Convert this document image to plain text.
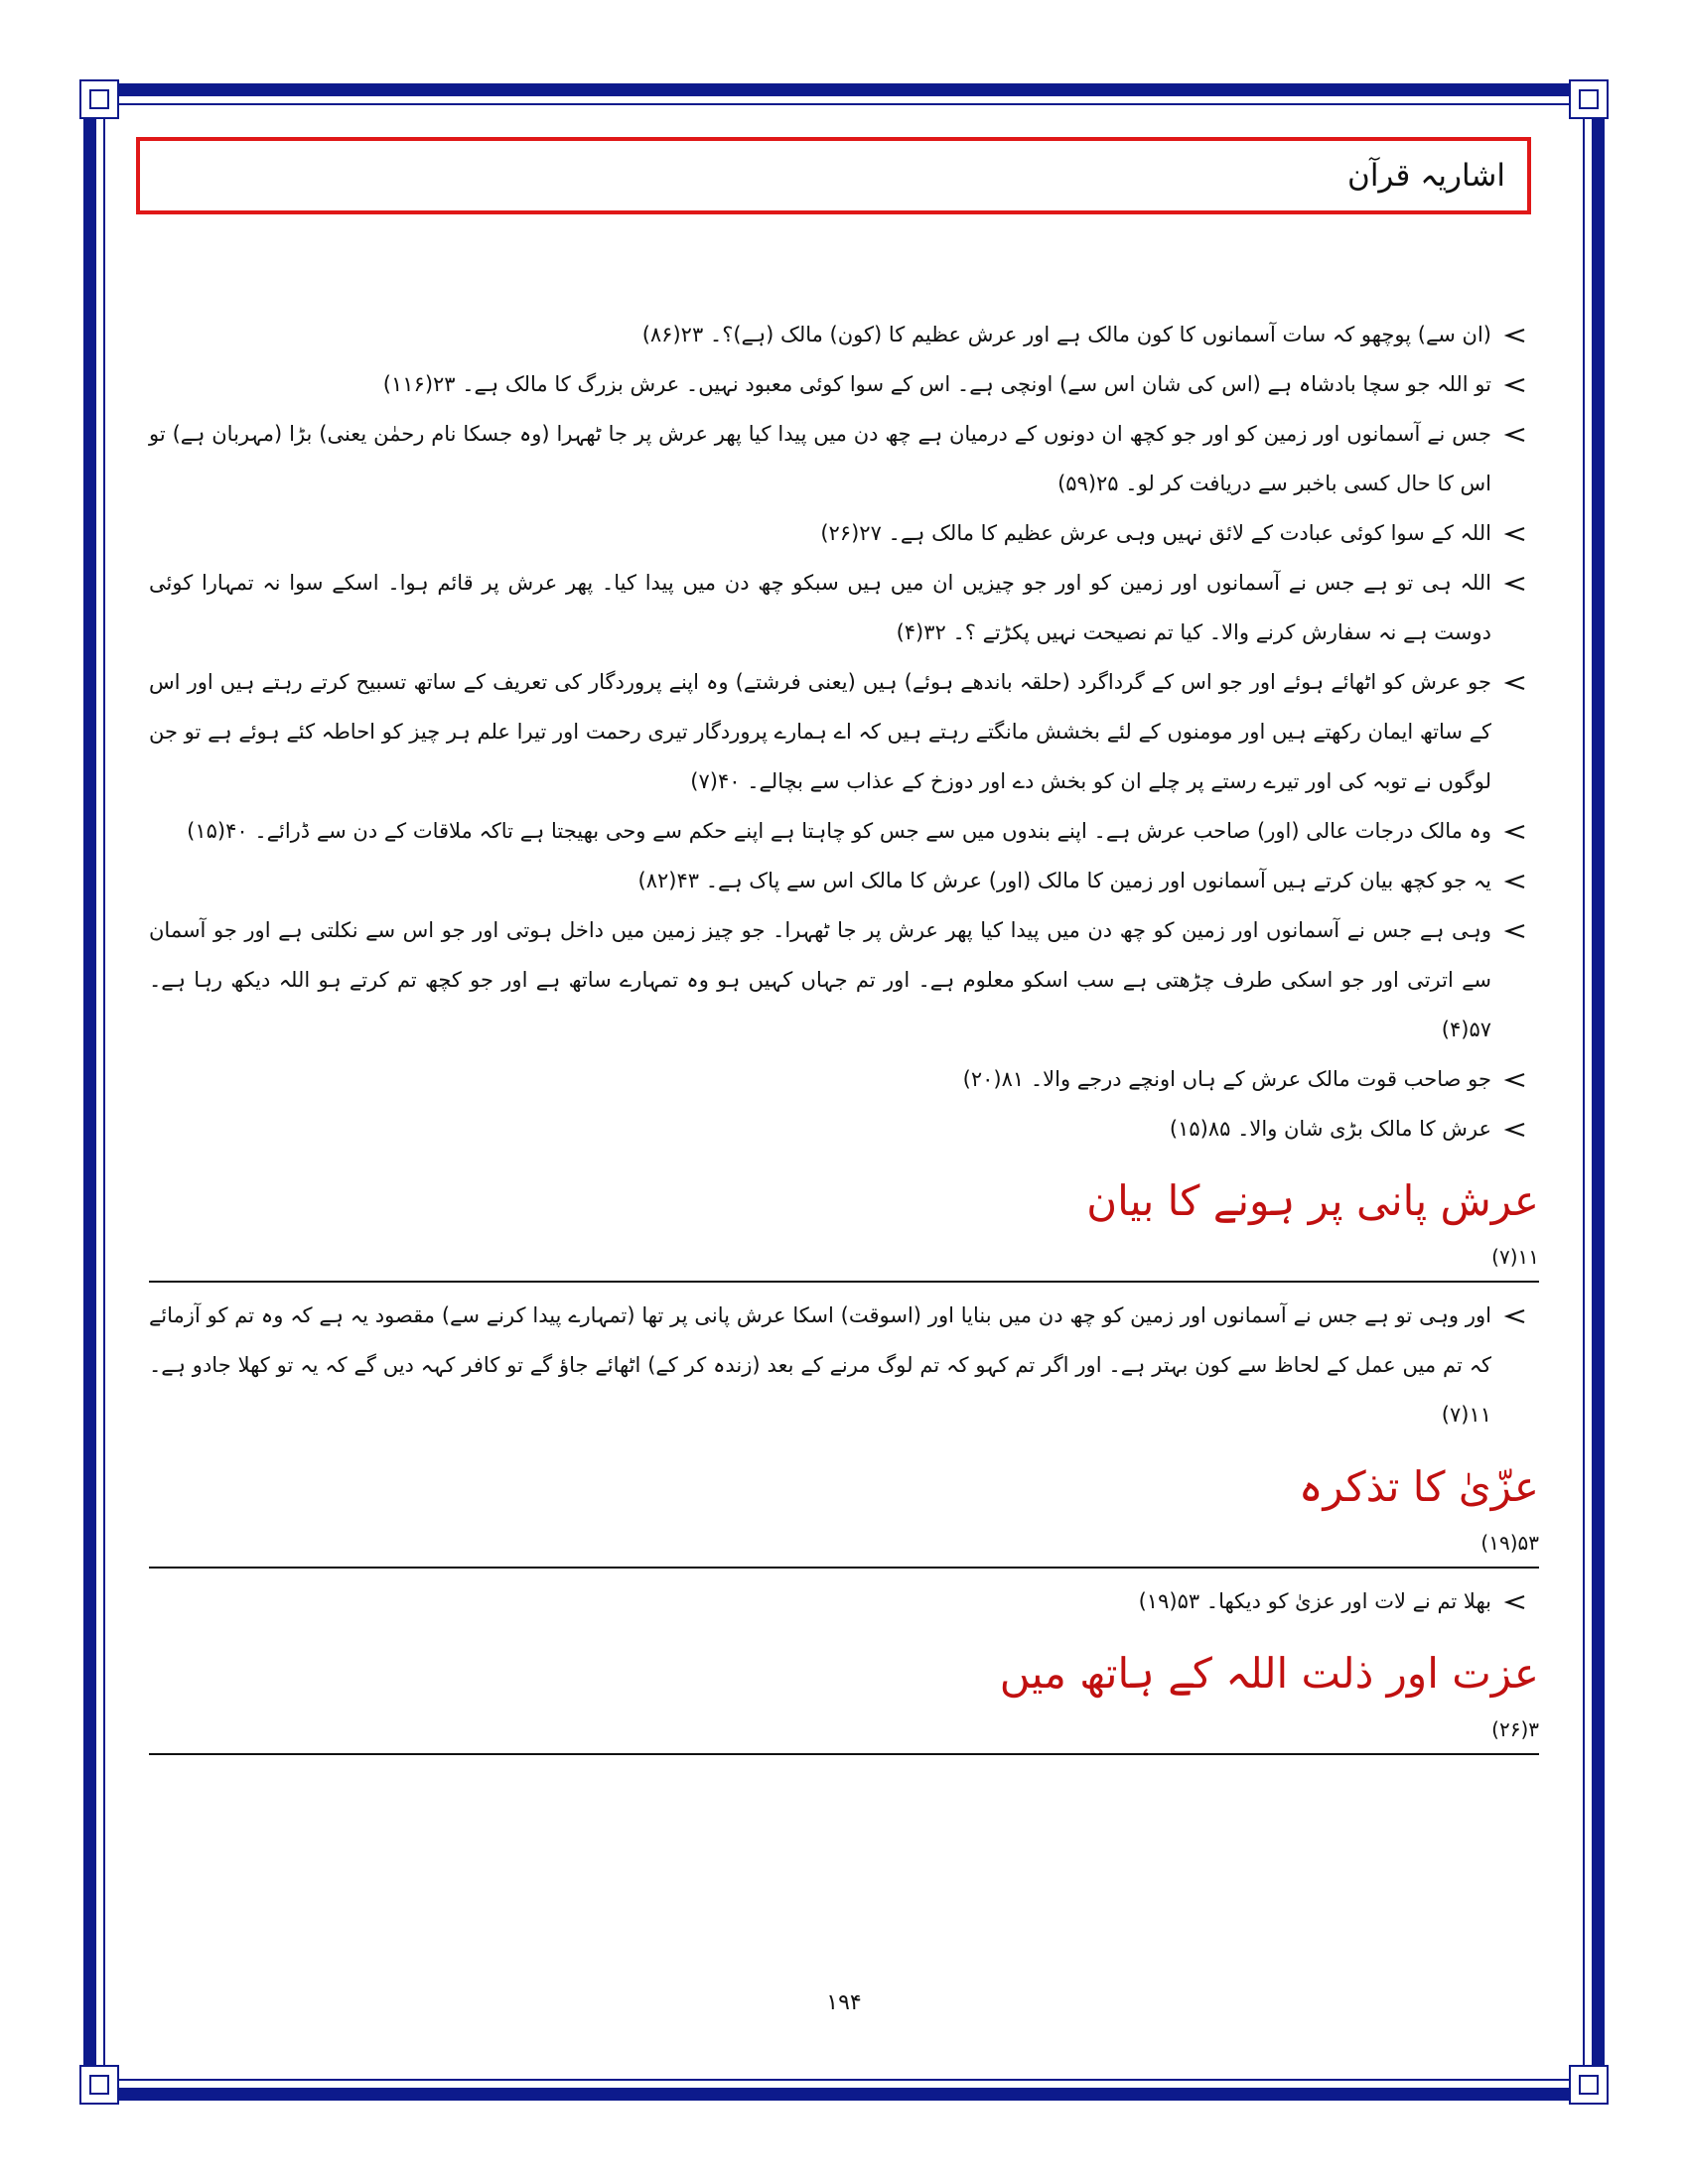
اشاریہ قرآن
(ان سے) پوچھو کہ سات آسمانوں کا کون مالک ہے اور عرش عظیم کا (کون) مالک (ہے)؟۔ ۲۳(۸۶)
تو اللہ جو سچا بادشاہ ہے (اس کی شان اس سے) اونچی ہے۔ اس کے سوا کوئی معبود نہیں۔ عرش بزرگ کا مالک ہے۔ ۲۳(۱۱۶)
جس نے آسمانوں اور زمین کو اور جو کچھ ان دونوں کے درمیان ہے چھ دن میں پیدا کیا پھر عرش پر جا ٹھہرا (وہ جسکا نام رحمٰن یعنی) بڑا (مہربان ہے) تو اس کا حال کسی باخبر سے دریافت کر لو۔ ۲۵(۵۹)
اللہ کے سوا کوئی عبادت کے لائق نہیں وہی عرش عظیم کا مالک ہے۔ ۲۷(۲۶)
اللہ ہی تو ہے جس نے آسمانوں اور زمین کو اور جو چیزیں ان میں ہیں سبکو چھ دن میں پیدا کیا۔ پھر عرش پر قائم ہوا۔ اسکے سوا نہ تمہارا کوئی دوست ہے نہ سفارش کرنے والا۔ کیا تم نصیحت نہیں پکڑتے ؟۔ ۳۲(۴)
جو عرش کو اٹھائے ہوئے اور جو اس کے گرداگرد (حلقہ باندھے ہوئے) ہیں (یعنی فرشتے) وہ اپنے پروردگار کی تعریف کے ساتھ تسبیح کرتے رہتے ہیں اور اس کے ساتھ ایمان رکھتے ہیں اور مومنوں کے لئے بخشش مانگتے رہتے ہیں کہ اے ہمارے پروردگار تیری رحمت اور تیرا علم ہر چیز کو احاطہ کئے ہوئے ہے تو جن لوگوں نے توبہ کی اور تیرے رستے پر چلے ان کو بخش دے اور دوزخ کے عذاب سے بچالے۔ ۴۰(۷)
وہ مالک درجات عالی (اور) صاحب عرش ہے۔ اپنے بندوں میں سے جس کو چاہتا ہے اپنے حکم سے وحی بھیجتا ہے تاکہ ملاقات کے دن سے ڈرائے۔ ۴۰(۱۵)
یہ جو کچھ بیان کرتے ہیں آسمانوں اور زمین کا مالک (اور) عرش کا مالک اس سے پاک ہے۔ ۴۳(۸۲)
وہی ہے جس نے آسمانوں اور زمین کو چھ دن میں پیدا کیا پھر عرش پر جا ٹھہرا۔ جو چیز زمین میں داخل ہوتی اور جو اس سے نکلتی ہے اور جو آسمان سے اترتی اور جو اسکی طرف چڑھتی ہے سب اسکو معلوم ہے۔ اور تم جہاں کہیں ہو وہ تمہارے ساتھ ہے اور جو کچھ تم کرتے ہو اللہ دیکھ رہا ہے۔ ۵۷(۴)
جو صاحب قوت مالک عرش کے ہاں اونچے درجے والا۔ ۸۱(۲۰)
عرش کا مالک بڑی شان والا۔ ۸۵(۱۵)
عرش پانی پر ہونے کا بیان
۱۱(۷)
اور وہی تو ہے جس نے آسمانوں اور زمین کو چھ دن میں بنایا اور (اسوقت) اسکا عرش پانی پر تھا (تمہارے پیدا کرنے سے) مقصود یہ ہے کہ وہ تم کو آزمائے کہ تم میں عمل کے لحاظ سے کون بہتر ہے۔ اور اگر تم کہو کہ تم لوگ مرنے کے بعد (زندہ کر کے) اٹھائے جاؤ گے تو کافر کہہ دیں گے کہ یہ تو کھلا جادو ہے۔ ۱۱(۷)
عزّیٰ کا تذکرہ
۵۳(۱۹)
بھلا تم نے لات اور عزیٰ کو دیکھا۔ ۵۳(۱۹)
عزت اور ذلت اللہ کے ہاتھ میں
۳(۲۶)
۱۹۴
